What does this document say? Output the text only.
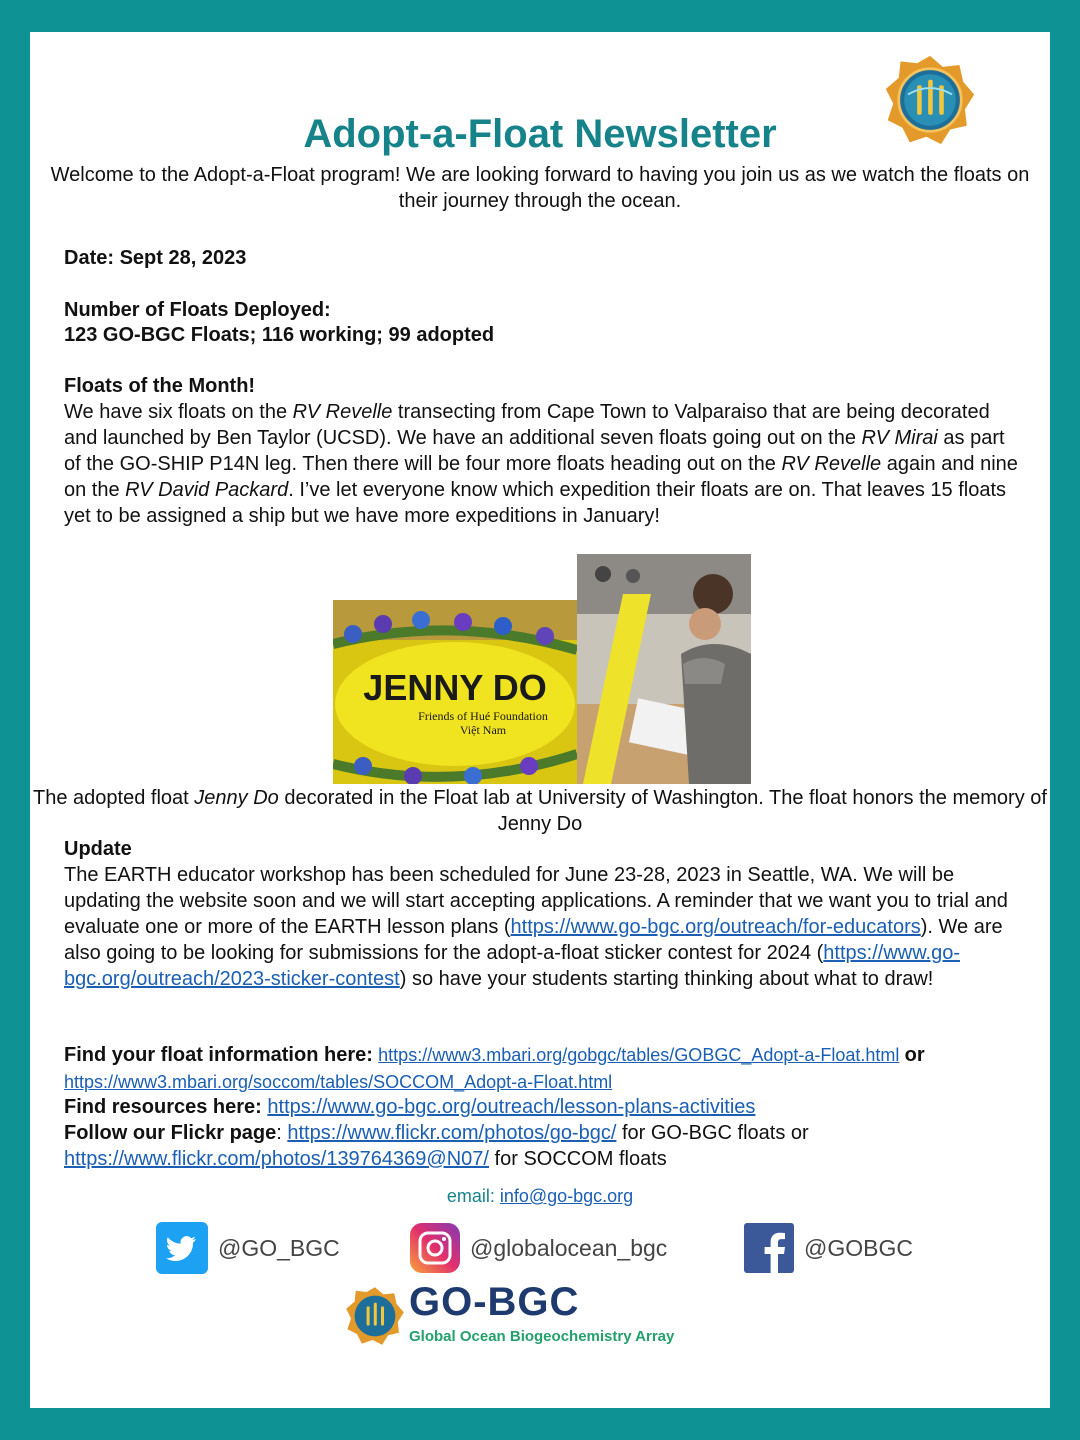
Adopt-a-Float Newsletter

Welcome to the Adopt-a-Float program! We are looking forward to having you join us as we watch the floats on their journey through the ocean.

Date: Sept 28, 2023

Number of Floats Deployed:

123 GO-BGC Floats; 116 working; 99 adopted

Floats of the Month!

We have six floats on the RV Revelle transecting from Cape Town to Valparaiso that are being decorated and launched by Ben Taylor (UCSD). We have an additional seven floats going out on the RV Mirai as part of the GO-SHIP P14N leg. Then there will be four more floats heading out on the RV Revelle again and nine on the RV David Packard. I’ve let everyone know which expedition their floats are on. That leaves 15 floats yet to be assigned a ship but we have more expeditions in January!

JENNY DO
Friends of Hué Foundation
Việt Nam

The adopted float Jenny Do decorated in the Float lab at University of Washington. The float honors the memory of Jenny Do

Update

The EARTH educator workshop has been scheduled for June 23-28, 2023 in Seattle, WA. We will be updating the website soon and we will start accepting applications. A reminder that we want you to trial and evaluate one or more of the EARTH lesson plans (https://www.go-bgc.org/outreach/for-educators). We are also going to be looking for submissions for the adopt-a-float sticker contest for 2024 (https://www.go-bgc.org/outreach/2023-sticker-contest) so have your students starting thinking about what to draw!

Find your float information here: https://www3.mbari.org/gobgc/tables/GOBGC_Adopt-a-Float.html or
https://www3.mbari.org/soccom/tables/SOCCOM_Adopt-a-Float.html

Find resources here: https://www.go-bgc.org/outreach/lesson-plans-activities

Follow our Flickr page: https://www.flickr.com/photos/go-bgc/ for GO-BGC floats or
https://www.flickr.com/photos/139764369@N07/ for SOCCOM floats

email: info@go-bgc.org
@GO_BGC	@globalocean_bgc	@GOBGC
GO-BGC
Global Ocean Biogeochemistry Array
